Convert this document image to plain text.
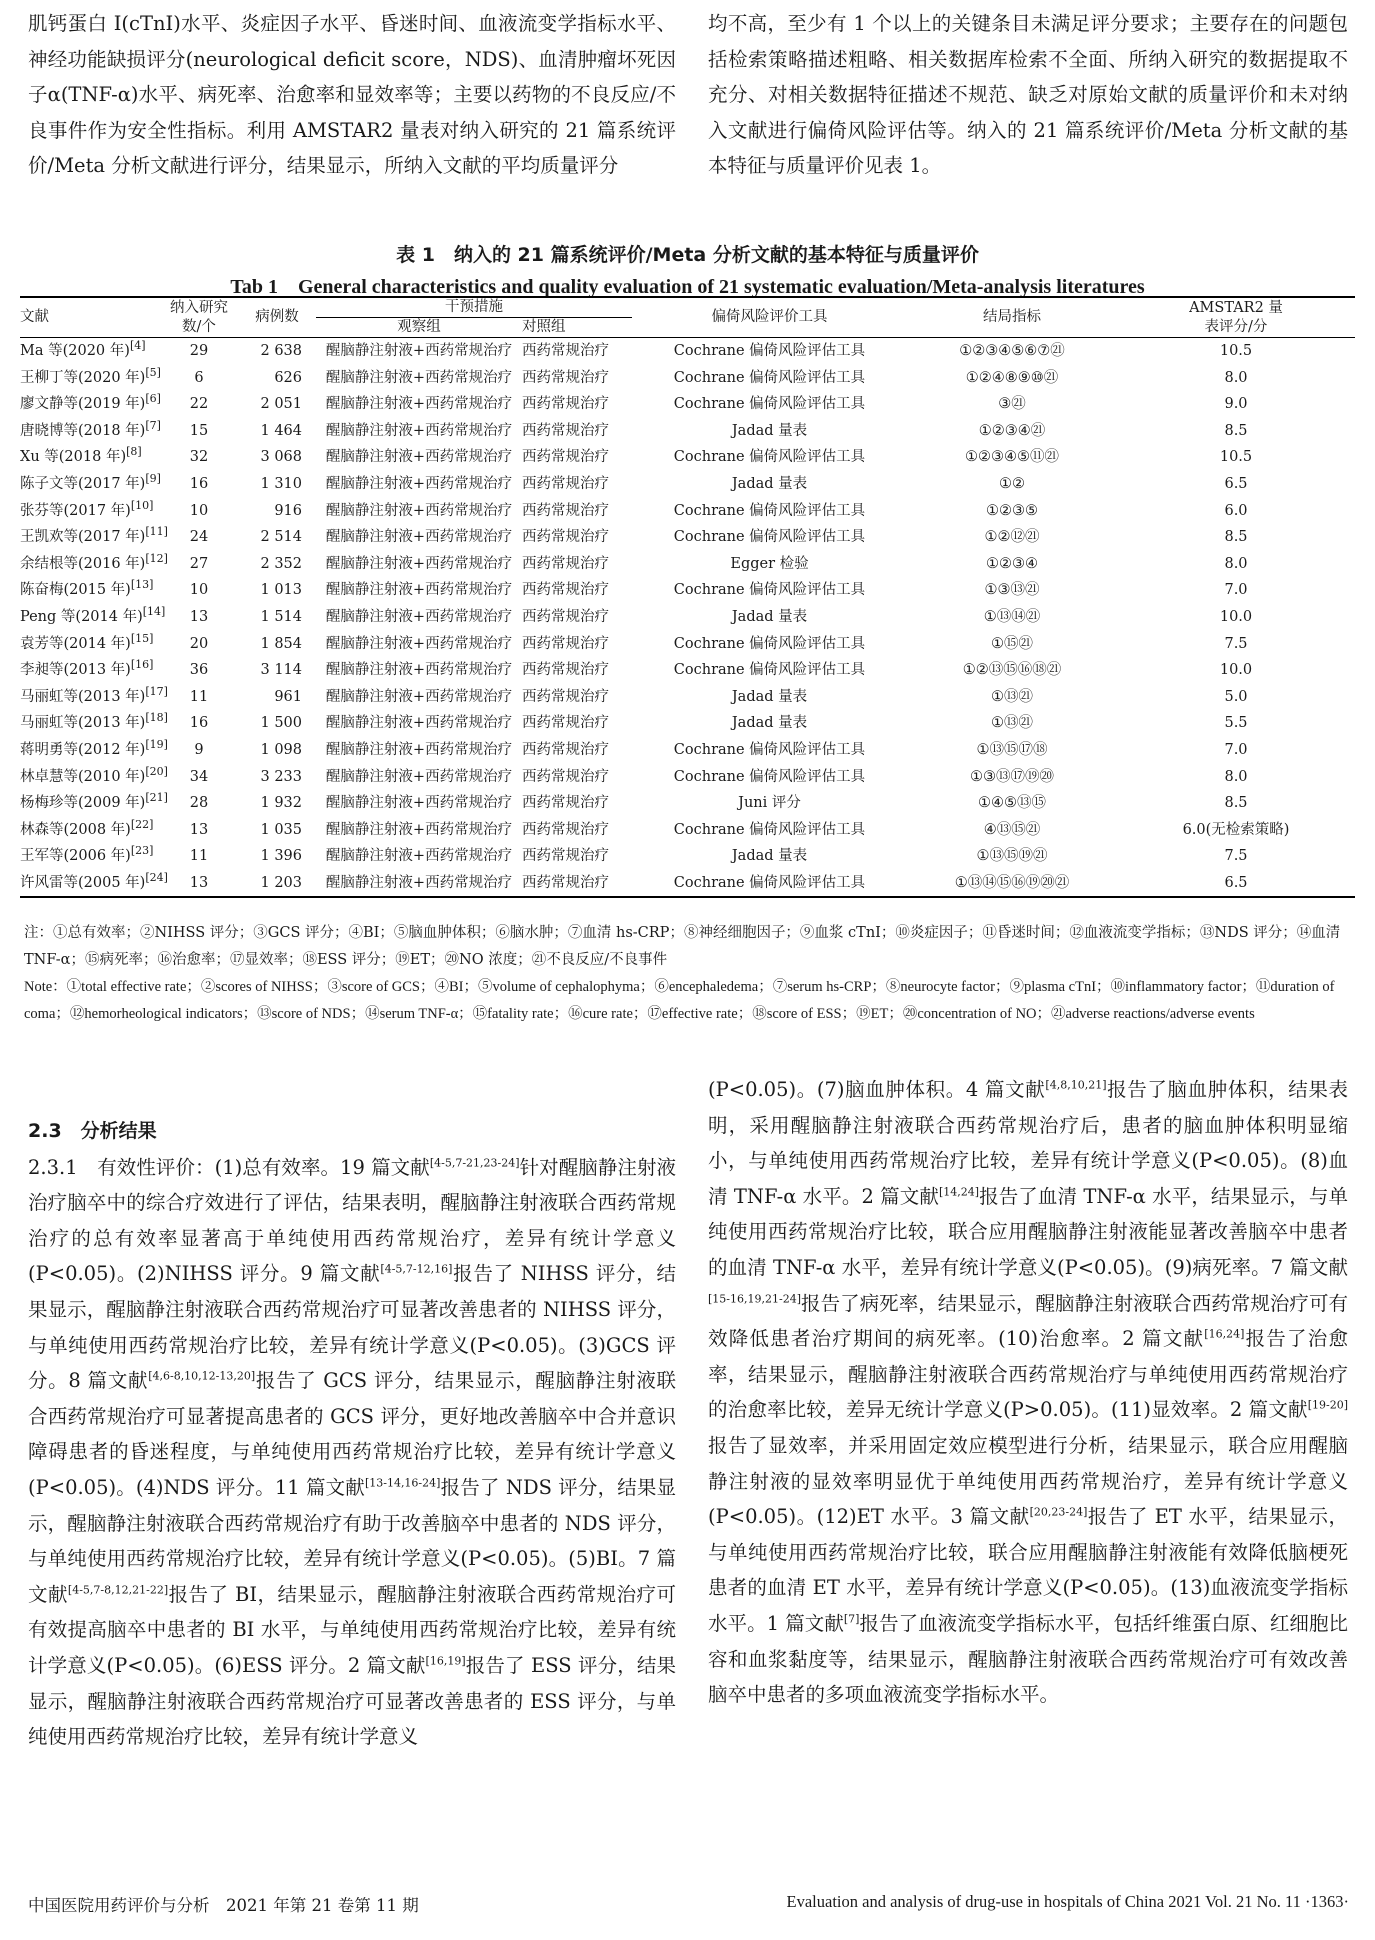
肌钙蛋白 I(cTnI)水平、炎症因子水平、昏迷时间、血液流变学指标水平、神经功能缺损评分(neurological deficit score，NDS)、血清肿瘤坏死因子α(TNF-α)水平、病死率、治愈率和显效率等；主要以药物的不良反应/不良事件作为安全性指标。利用 AMSTAR2 量表对纳入研究的 21 篇系统评价/Meta 分析文献进行评分，结果显示，所纳入文献的平均质量评分

均不高，至少有 1 个以上的关键条目未满足评分要求；主要存在的问题包括检索策略描述粗略、相关数据库检索不全面、所纳入研究的数据提取不充分、对相关数据特征描述不规范、缺乏对原始文献的质量评价和未对纳入文献进行偏倚风险评估等。纳入的 21 篇系统评价/Meta 分析文献的基本特征与质量评价见表 1。

表 1　纳入的 21 篇系统评价/Meta 分析文献的基本特征与质量评价
Tab 1　General characteristics and quality evaluation of 21 systematic evaluation/Meta-analysis literatures
文献	纳入研究
数/个	病例数	干预措施		偏倚风险评价工具	结局指标	AMSTAR2 量
表评分/分
			观察组	对照组			
Ma 等(2020 年)[4]	29	2 638	醒脑静注射液+西药常规治疗	西药常规治疗	Cochrane 偏倚风险评估工具	①②③④⑤⑥⑦㉑	10.5
王柳丁等(2020 年)[5]	6	626	醒脑静注射液+西药常规治疗	西药常规治疗	Cochrane 偏倚风险评估工具	①②④⑧⑨⑩㉑	8.0
廖文静等(2019 年)[6]	22	2 051	醒脑静注射液+西药常规治疗	西药常规治疗	Cochrane 偏倚风险评估工具	③㉑	9.0
唐晓博等(2018 年)[7]	15	1 464	醒脑静注射液+西药常规治疗	西药常规治疗	Jadad 量表	①②③④㉑	8.5
Xu 等(2018 年)[8]	32	3 068	醒脑静注射液+西药常规治疗	西药常规治疗	Cochrane 偏倚风险评估工具	①②③④⑤⑪㉑	10.5
陈子文等(2017 年)[9]	16	1 310	醒脑静注射液+西药常规治疗	西药常规治疗	Jadad 量表	①②	6.5
张芬等(2017 年)[10]	10	916	醒脑静注射液+西药常规治疗	西药常规治疗	Cochrane 偏倚风险评估工具	①②③⑤	6.0
王凯欢等(2017 年)[11]	24	2 514	醒脑静注射液+西药常规治疗	西药常规治疗	Cochrane 偏倚风险评估工具	①②⑫㉑	8.5
余结根等(2016 年)[12]	27	2 352	醒脑静注射液+西药常规治疗	西药常规治疗	Egger 检验	①②③④	8.0
陈奋梅(2015 年)[13]	10	1 013	醒脑静注射液+西药常规治疗	西药常规治疗	Cochrane 偏倚风险评估工具	①③⑬㉑	7.0
Peng 等(2014 年)[14]	13	1 514	醒脑静注射液+西药常规治疗	西药常规治疗	Jadad 量表	①⑬⑭㉑	10.0
袁芳等(2014 年)[15]	20	1 854	醒脑静注射液+西药常规治疗	西药常规治疗	Cochrane 偏倚风险评估工具	①⑮㉑	7.5
李昶等(2013 年)[16]	36	3 114	醒脑静注射液+西药常规治疗	西药常规治疗	Cochrane 偏倚风险评估工具	①②⑬⑮⑯⑱㉑	10.0
马丽虹等(2013 年)[17]	11	961	醒脑静注射液+西药常规治疗	西药常规治疗	Jadad 量表	①⑬㉑	5.0
马丽虹等(2013 年)[18]	16	1 500	醒脑静注射液+西药常规治疗	西药常规治疗	Jadad 量表	①⑬㉑	5.5
蒋明勇等(2012 年)[19]	9	1 098	醒脑静注射液+西药常规治疗	西药常规治疗	Cochrane 偏倚风险评估工具	①⑬⑮⑰⑱	7.0
林卓慧等(2010 年)[20]	34	3 233	醒脑静注射液+西药常规治疗	西药常规治疗	Cochrane 偏倚风险评估工具	①③⑬⑰⑲⑳	8.0
杨梅珍等(2009 年)[21]	28	1 932	醒脑静注射液+西药常规治疗	西药常规治疗	Juni 评分	①④⑤⑬⑮	8.5
林森等(2008 年)[22]	13	1 035	醒脑静注射液+西药常规治疗	西药常规治疗	Cochrane 偏倚风险评估工具	④⑬⑮㉑	6.0(无检索策略)
王军等(2006 年)[23]	11	1 396	醒脑静注射液+西药常规治疗	西药常规治疗	Jadad 量表	①⑬⑮⑲㉑	7.5
许风雷等(2005 年)[24]	13	1 203	醒脑静注射液+西药常规治疗	西药常规治疗	Cochrane 偏倚风险评估工具	①⑬⑭⑮⑯⑲⑳㉑	6.5

注：①总有效率；②NIHSS 评分；③GCS 评分；④BI；⑤脑血肿体积；⑥脑水肿；⑦血清 hs-CRP；⑧神经细胞因子；⑨血浆 cTnI；⑩炎症因子；⑪昏迷时间；⑫血液流变学指标；⑬NDS 评分；⑭血清 TNF-α；⑮病死率；⑯治愈率；⑰显效率；⑱ESS 评分；⑲ET；⑳NO 浓度；㉑不良反应/不良事件

Note：①total effective rate；②scores of NIHSS；③score of GCS；④BI；⑤volume of cephalophyma；⑥encephaledema；⑦serum hs-CRP；⑧neurocyte factor；⑨plasma cTnI；⑩inflammatory factor；⑪duration of coma；⑫hemorheological indicators；⑬score of NDS；⑭serum TNF-α；⑮fatality rate；⑯cure rate；⑰effective rate；⑱score of ESS；⑲ET；⑳concentration of NO；㉑adverse reactions/adverse events

2.3　分析结果

2.3.1　有效性评价：(1)总有效率。19 篇文献[4-5,7-21,23-24]针对醒脑静注射液治疗脑卒中的综合疗效进行了评估，结果表明，醒脑静注射液联合西药常规治疗的总有效率显著高于单纯使用西药常规治疗，差异有统计学意义(P<0.05)。(2)NIHSS 评分。9 篇文献[4-5,7-12,16]报告了 NIHSS 评分，结果显示，醒脑静注射液联合西药常规治疗可显著改善患者的 NIHSS 评分，与单纯使用西药常规治疗比较，差异有统计学意义(P<0.05)。(3)GCS 评分。8 篇文献[4,6-8,10,12-13,20]报告了 GCS 评分，结果显示，醒脑静注射液联合西药常规治疗可显著提高患者的 GCS 评分，更好地改善脑卒中合并意识障碍患者的昏迷程度，与单纯使用西药常规治疗比较，差异有统计学意义(P<0.05)。(4)NDS 评分。11 篇文献[13-14,16-24]报告了 NDS 评分，结果显示，醒脑静注射液联合西药常规治疗有助于改善脑卒中患者的 NDS 评分，与单纯使用西药常规治疗比较，差异有统计学意义(P<0.05)。(5)BI。7 篇文献[4-5,7-8,12,21-22]报告了 BI，结果显示，醒脑静注射液联合西药常规治疗可有效提高脑卒中患者的 BI 水平，与单纯使用西药常规治疗比较，差异有统计学意义(P<0.05)。(6)ESS 评分。2 篇文献[16,19]报告了 ESS 评分，结果显示，醒脑静注射液联合西药常规治疗可显著改善患者的 ESS 评分，与单纯使用西药常规治疗比较，差异有统计学意义

(P<0.05)。(7)脑血肿体积。4 篇文献[4,8,10,21]报告了脑血肿体积，结果表明，采用醒脑静注射液联合西药常规治疗后，患者的脑血肿体积明显缩小，与单纯使用西药常规治疗比较，差异有统计学意义(P<0.05)。(8)血清 TNF-α 水平。2 篇文献[14,24]报告了血清 TNF-α 水平，结果显示，与单纯使用西药常规治疗比较，联合应用醒脑静注射液能显著改善脑卒中患者的血清 TNF-α 水平，差异有统计学意义(P<0.05)。(9)病死率。7 篇文献[15-16,19,21-24]报告了病死率，结果显示，醒脑静注射液联合西药常规治疗可有效降低患者治疗期间的病死率。(10)治愈率。2 篇文献[16,24]报告了治愈率，结果显示，醒脑静注射液联合西药常规治疗与单纯使用西药常规治疗的治愈率比较，差异无统计学意义(P>0.05)。(11)显效率。2 篇文献[19-20]报告了显效率，并采用固定效应模型进行分析，结果显示，联合应用醒脑静注射液的显效率明显优于单纯使用西药常规治疗，差异有统计学意义(P<0.05)。(12)ET 水平。3 篇文献[20,23-24]报告了 ET 水平，结果显示，与单纯使用西药常规治疗比较，联合应用醒脑静注射液能有效降低脑梗死患者的血清 ET 水平，差异有统计学意义(P<0.05)。(13)血液流变学指标水平。1 篇文献[7]报告了血液流变学指标水平，包括纤维蛋白原、红细胞比容和血浆黏度等，结果显示，醒脑静注射液联合西药常规治疗可有效改善脑卒中患者的多项血液流变学指标水平。

中国医院用药评价与分析　2021 年第 21 卷第 11 期	Evaluation and analysis of drug-use in hospitals of China 2021 Vol. 21 No. 11 ·1363·
